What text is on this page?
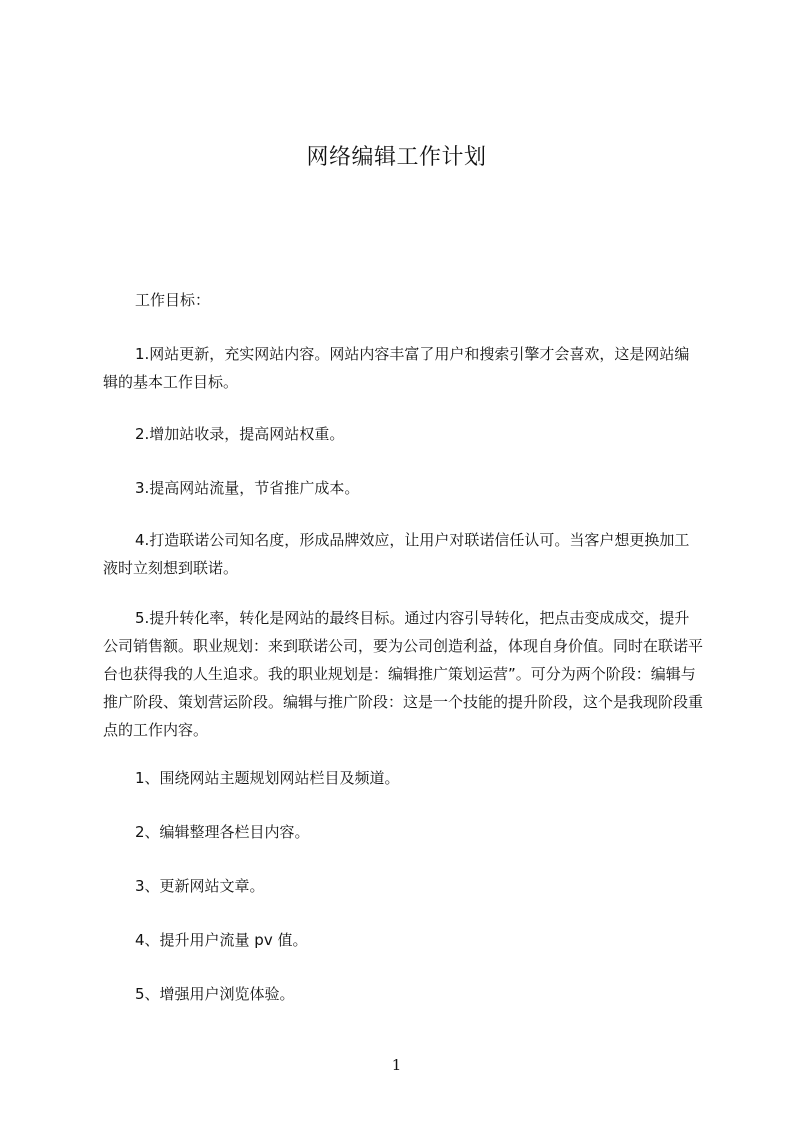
网络编辑工作计划

工作目标：

1.网站更新，充实网站内容。网站内容丰富了用户和搜索引擎才会喜欢，这是网站编辑的基本工作目标。

2.增加站收录，提高网站权重。

3.提高网站流量，节省推广成本。

4.打造联诺公司知名度，形成品牌效应，让用户对联诺信任认可。当客户想更换加工液时立刻想到联诺。

5.提升转化率，转化是网站的最终目标。通过内容引导转化，把点击变成成交，提升公司销售额。职业规划：来到联诺公司，要为公司创造利益，体现自身价值。同时在联诺平台也获得我的人生追求。我的职业规划是：编辑推广策划运营”。可分为两个阶段：编辑与推广阶段、策划营运阶段。编辑与推广阶段：这是一个技能的提升阶段，这个是我现阶段重点的工作内容。

1、围绕网站主题规划网站栏目及频道。

2、编辑整理各栏目内容。

3、更新网站文章。

4、提升用户流量 pv 值。

5、增强用户浏览体验。

1
